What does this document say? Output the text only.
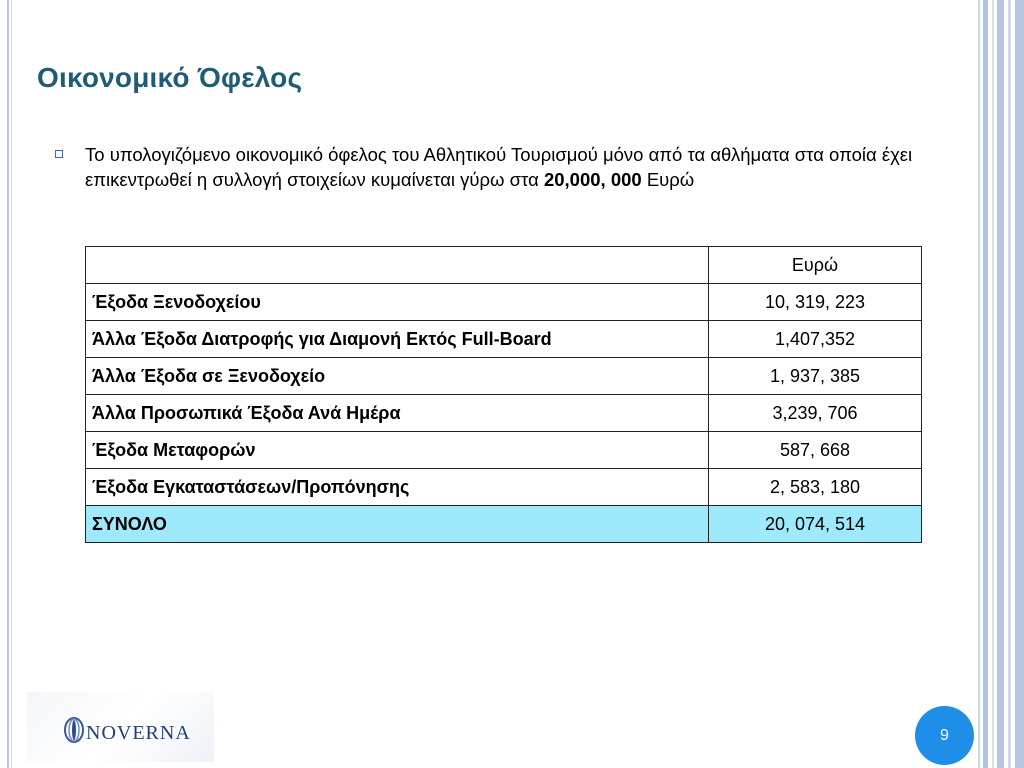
Οικονομικό Όφελος
Το υπολογιζόμενο οικονομικό όφελος του Αθλητικού Τουρισμού μόνο από τα αθλήματα στα οποία έχει επικεντρωθεί η συλλογή στοιχείων κυμαίνεται γύρω στα 20,000, 000 Ευρώ
	Ευρώ
Έξοδα Ξενοδοχείου	10, 319, 223
Άλλα Έξοδα Διατροφής για Διαμονή Εκτός Full-Board	1,407,352
Άλλα Έξοδα σε Ξενοδοχείο	1, 937, 385
Άλλα Προσωπικά Έξοδα Ανά Ημέρα	3,239, 706
Έξοδα Μεταφορών	587, 668
Έξοδα Εγκαταστάσεων/Προπόνησης	2, 583, 180
ΣΥΝΟΛΟ	20, 074, 514
NOVERNA	9
